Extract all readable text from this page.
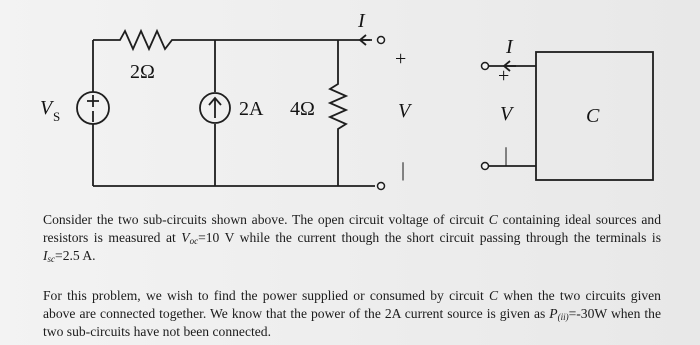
2Ω
V S	2A 4Ω
I
+
V
|
I
+
V
|
C
Consider the two sub-circuits shown above. The open circuit voltage of circuit C containing ideal sources and resistors is measured at $V_{oc}=10$ V while the current though the short circuit passing through the terminals is $I_{sc}=2.5$ A.
For this problem, we wish to find the power supplied or consumed by circuit C when the two circuits given above are connected together. We know that the power of the 2A current source is given as $P_{(ii)}=-30W$ when the two sub-circuits have not been connected.
